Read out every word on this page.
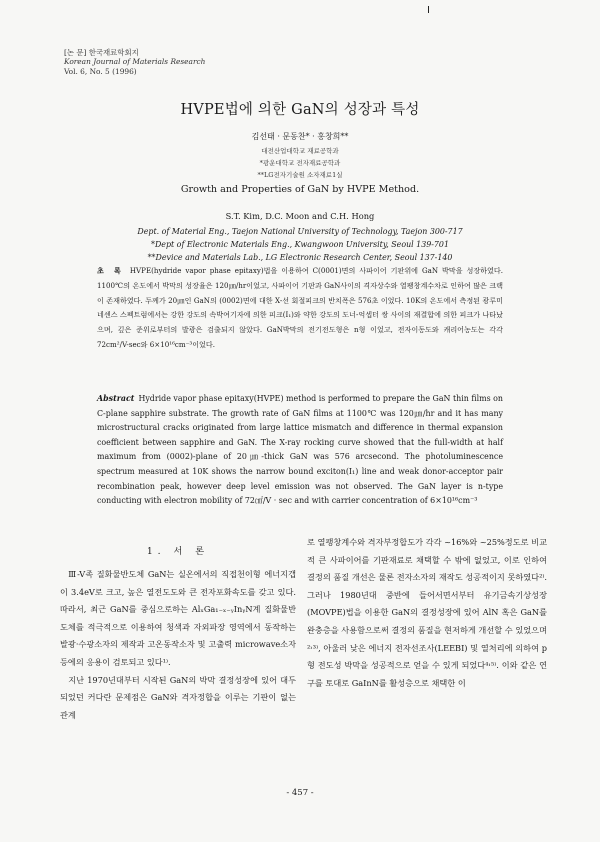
[논 문] 한국재료학회지
Korean Journal of Materials Research
Vol. 6, No. 5 (1996)
HVPE법에 의한 GaN의 성장과 특성
김선태 · 문동찬* · 홍창희**
대전산업대학교 재료공학과
*광운대학교 전자재료공학과
**LG전자기술원 소자재료1실
Growth and Properties of GaN by HVPE Method.
S.T. Kim, D.C. Moon and C.H. Hong
Dept. of Material Eng., Taejon National University of Technology, Taejon 300-717
*Dept of Electronic Materials Eng., Kwangwoon University, Seoul 139-701
**Device and Materials Lab., LG Electronic Research Center, Seoul 137-140
초 록 HVPE(hydride vapor phase epitaxy)법을 이용하여 C(0001)면의 사파이어 기판위에 GaN 박막을 성장하였다. 1100℃의 온도에서 박막의 성장율은 120㎛/hr이었고, 사파이어 기판과 GaN사이의 격자상수와 열팽창계수차로 인하여 많은 크랙이 존재하였다. 두께가 20㎛인 GaN의 (0002)면에 대한 X-선 회절피크의 반치폭은 576초 이었다. 10K의 온도에서 측정된 광루미네센스 스펙트럼에서는 강한 강도의 속박여기자에 의한 피크(I₁)와 약한 강도의 도너-억셉터 쌍 사이의 재결합에 의한 피크가 나타났으며, 깊은 준위로부터의 발광은 검출되지 않았다. GaN박막의 전기전도형은 n형 이었고, 전자이동도와 캐리어농도는 각각 72cm²/V-sec와 6×10¹⁶cm⁻³이었다.
Abstract Hydride vapor phase epitaxy(HVPE) method is performed to prepare the GaN thin films on C-plane sapphire substrate. The growth rate of GaN films at 1100℃ was 120㎛/hr and it has many microstructural cracks originated from large lattice mismatch and difference in thermal expansion coefficient between sapphire and GaN. The X-ray rocking curve showed that the full-width at half maximum from (0002)-plane of 20㎛-thick GaN was 576 arcsecond. The photoluminescence spectrum measured at 10K shows the narrow bound exciton(I₁) line and weak donor-acceptor pair recombination peak, however deep level emission was not observed. The GaN layer is n-type conducting with electron mobility of 72㎠/V · sec and with carrier concentration of 6×10¹⁶cm⁻³
1. 서 론

Ⅲ-V족 질화물반도체 GaN는 실온에서의 직접천이형 에너지갭이 3.4eV로 크고, 높은 열전도도와 큰 전자포화속도를 갖고 있다. 따라서, 최근 GaN를 중심으로하는 AlₓGa₁₋ₓ₋ᵧInᵧN계 질화물반도체를 적극적으로 이용하여 청색과 자외파장 영역에서 동작하는 발광·수광소자의 제작과 고온동작소자 및 고출력 microwave소자 등에의 응용이 검토되고 있다¹⁾.

지난 1970년대부터 시작된 GaN의 박막 결정성장에 있어 대두되었던 커다란 문제점은 GaN와 격자정합을 이루는 기판이 없는 관계

로 열팽창계수와 격자부정합도가 각각 ~16%와 ~25%정도로 비교적 큰 사파이어를 기판재료로 채택할 수 밖에 없었고, 이로 인하여 결정의 품질 개선은 물론 전자소자의 재작도 성공적이지 못하였다²⁾. 그러나 1980년대 중반에 들어서면서부터 유기금속기상성장(MOVPE)법을 이용한 GaN의 결정성장에 있어 AlN 혹은 GaN를 완충층을 사용함으로써 결정의 품질을 현저하게 개선할 수 있었으며²˒³⁾, 아울러 낮은 에너지 전자선조사(LEEBI) 및 열처리에 의하여 p형 전도성 박막을 성공적으로 얻을 수 있게 되었다⁴˒⁵⁾. 이와 같은 연구를 토대로 GaInN를 활성층으로 채택한 이

- 457 -
